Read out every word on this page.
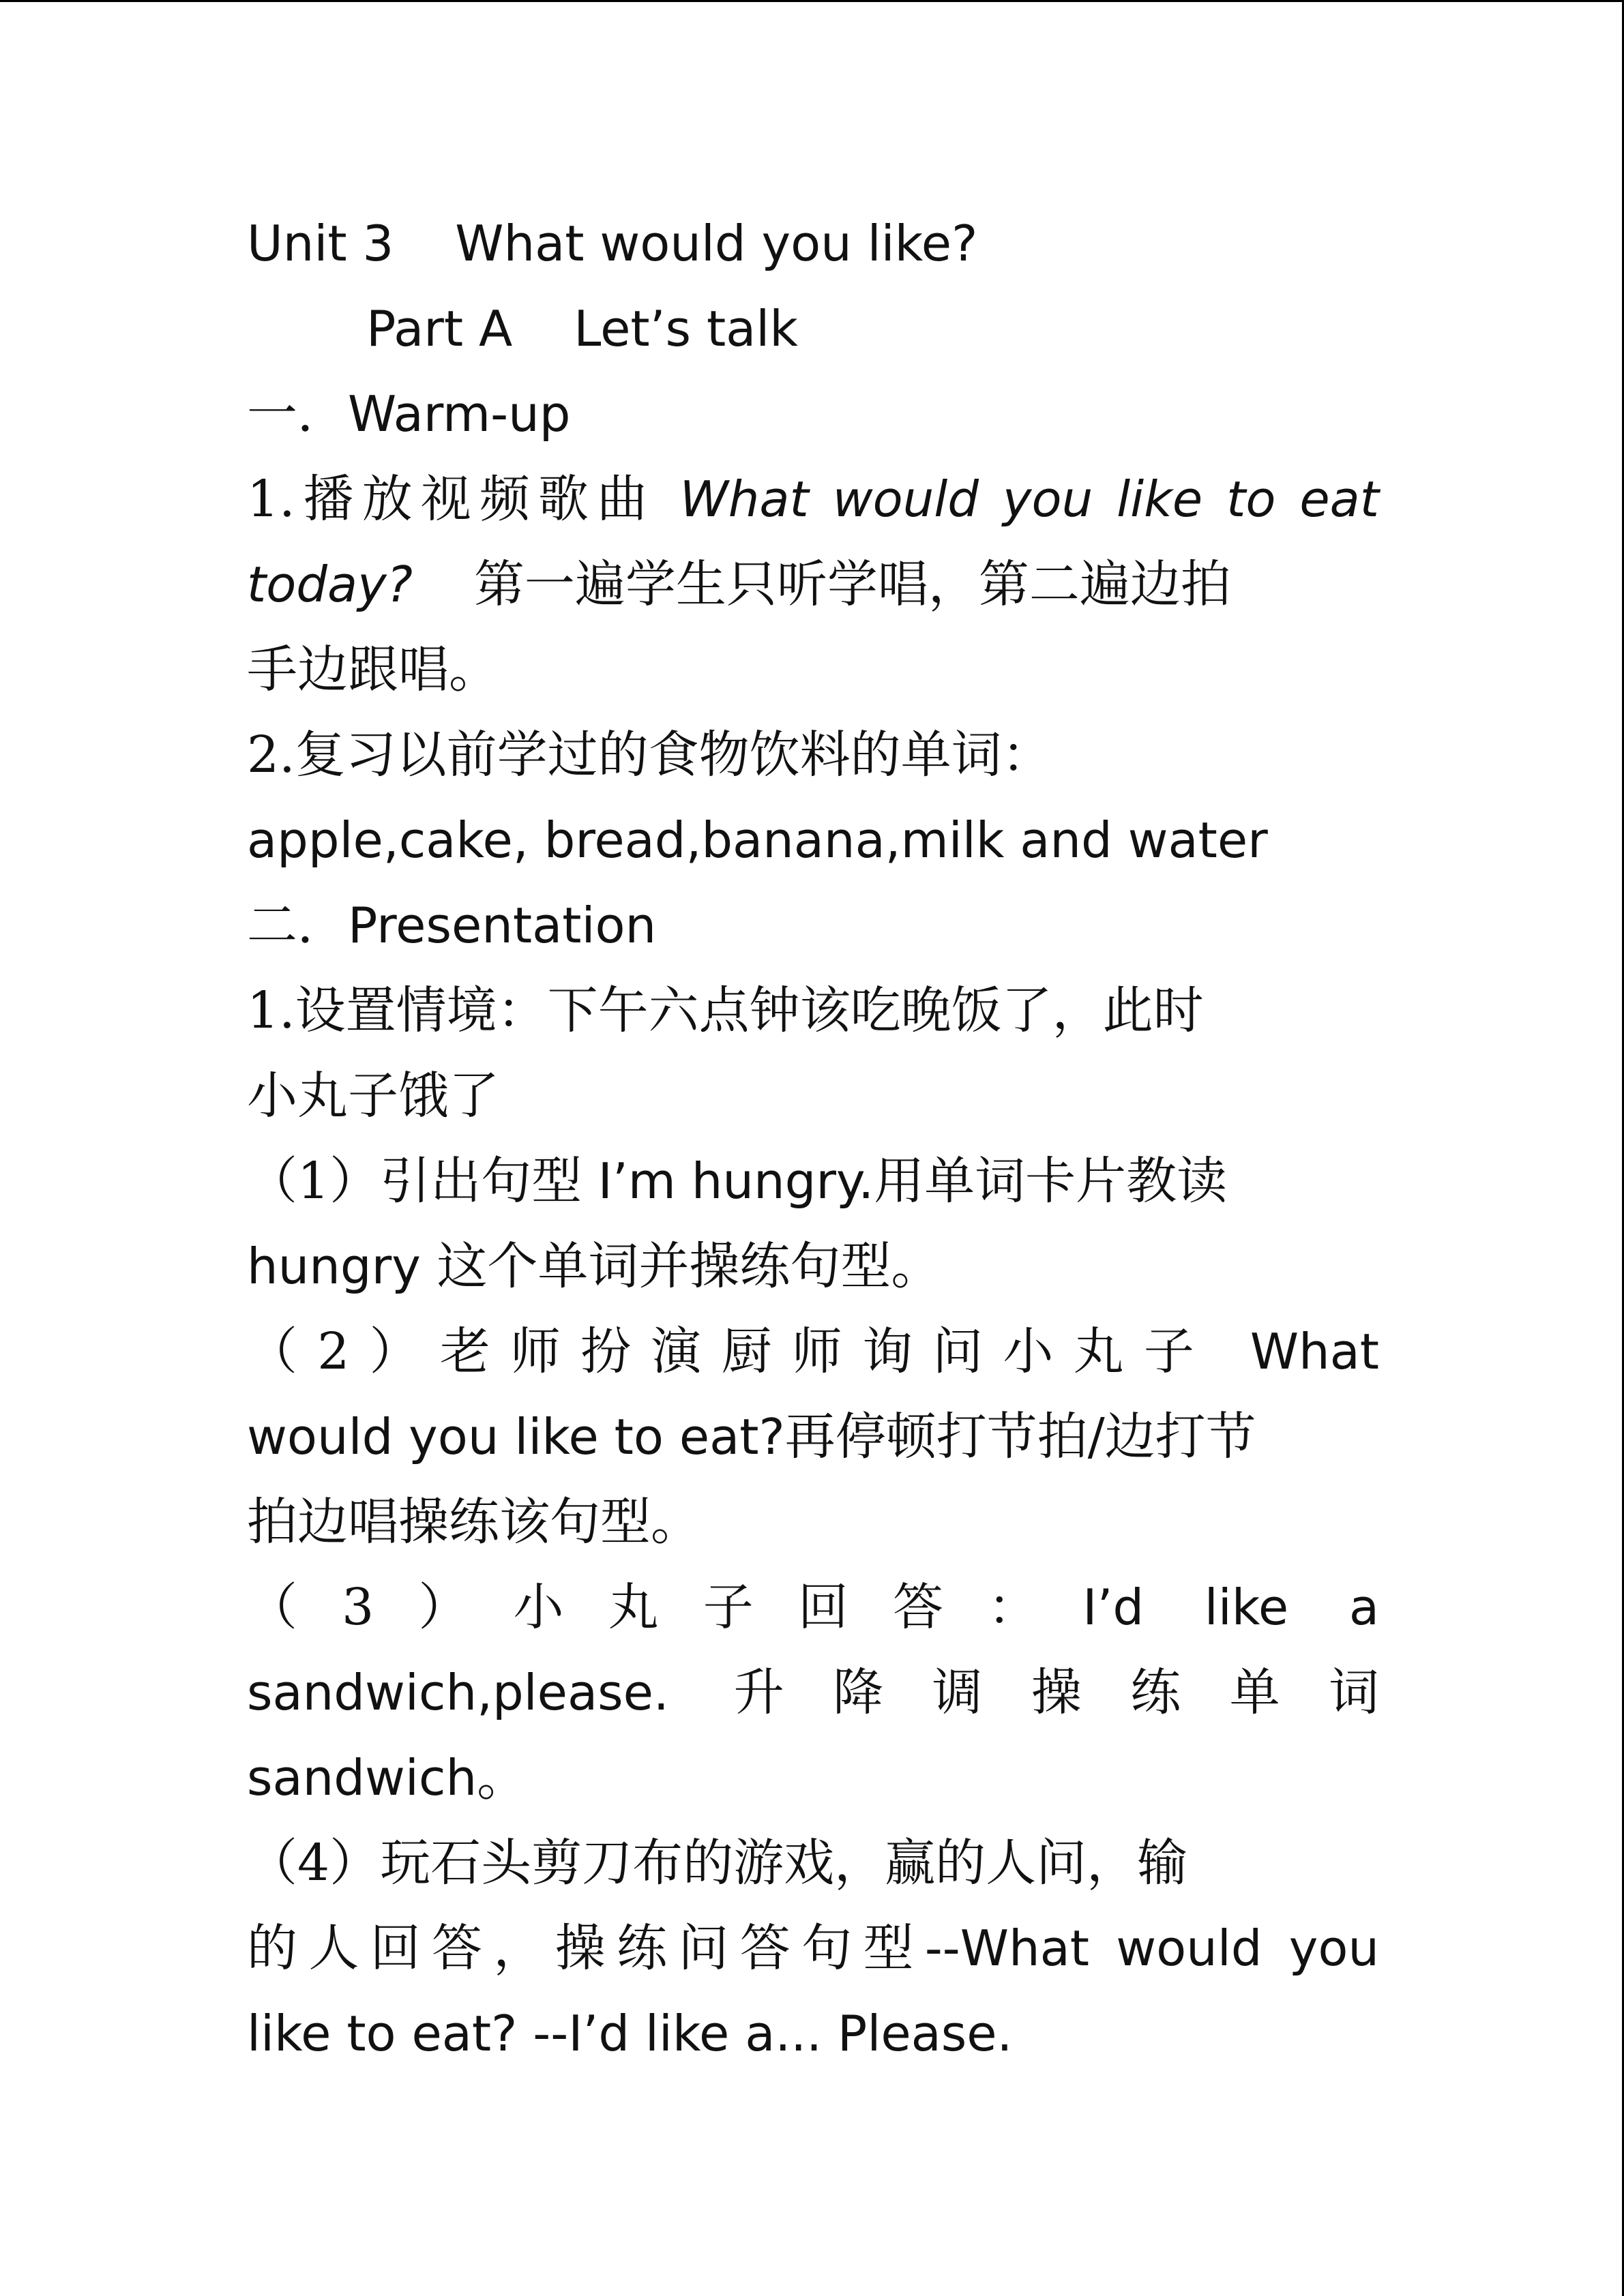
Unit 3 What would you like?
Part A Let’s talk
一．Warm-up
1.播放视频歌曲 What would you like to eat
today? 第一遍学生只听学唱，第二遍边拍
手边跟唱。
2.复习以前学过的食物饮料的单词：
apple,cake, bread,banana,milk and water
二．Presentation
1.设置情境：下午六点钟该吃晚饭了，此时
小丸子饿了
（1）引出句型 I’m hungry.用单词卡片教读
hungry 这个单词并操练句型。
（2）老师扮演厨师询问小丸子 What
would you like to eat?再停顿打节拍/边打节
拍边唱操练该句型。
（3）小丸子回答：I’d like a
sandwich,please. 升降调操练单词
sandwich。
（4）玩石头剪刀布的游戏，赢的人问，输
的人回答，操练问答句型--What would you
like to eat? --I’d like a... Please.
